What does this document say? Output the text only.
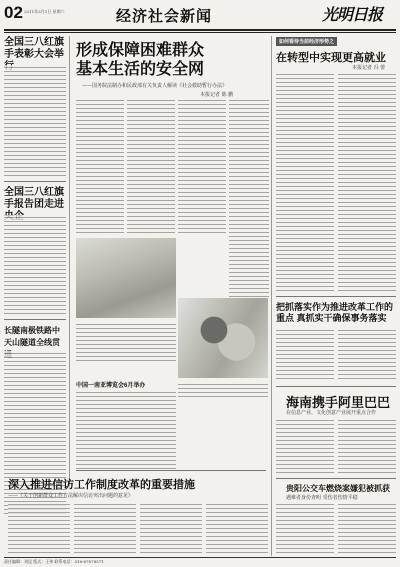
02 2011年3月1日 星期六	经济社会新闻	光明日报
全国三八红旗手表彰大会举
全国三八红旗手报告团走进
长隧南极铁路中天山隧道全线贯
形成保障困难群众基本生活的安全网
——国务院法制办和民政部有关负责人解读《社会救助暂行办法》
本报记者 陈 鹏
中国一南亚博览会6月举办
深入推进信访工作制度改革的重要措施
——《关于创新群众工作方法解决信访突出问题的意见》
如何看待当前经济形势之
在转型中实现更高就业
本报记者 冯 蕾
把抓落实作为推进改革工作的重点 真抓实干确保事务落实
海南携手阿里巴巴
在信息产业、文化创意产业展开重点合作
贵阳公交车燃烧案嫌犯被抓获
遇难者身份查明 受伤者伤情平稳
责任编辑：刘昆 版式：王伟 联系电话：010-67078571
